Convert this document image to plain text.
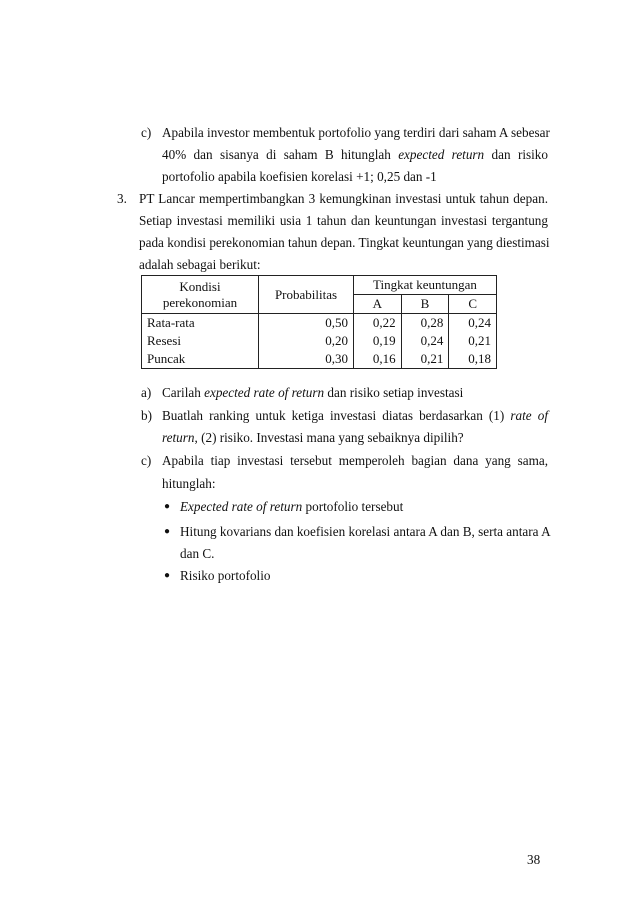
c) Apabila investor membentuk portofolio yang terdiri dari saham A sebesar
40% dan sisanya di saham B hitunglah expected return dan risiko
portofolio apabila koefisien korelasi +1; 0,25 dan -1
3. PT Lancar mempertimbangkan 3 kemungkinan investasi untuk tahun depan.
Setiap investasi memiliki usia 1 tahun dan keuntungan investasi tergantung
pada kondisi perekonomian tahun depan. Tingkat keuntungan yang diestimasi
adalah sebagai berikut:
Kondisi
perekonomian	Probabilitas	Tingkat keuntungan		
		A	B	C
Rata-rata	0,50	0,22	0,28	0,24
Resesi	0,20	0,19	0,24	0,21
Puncak	0,30	0,16	0,21	0,18
a) Carilah expected rate of return dan risiko setiap investasi
b) Buatlah ranking untuk ketiga investasi diatas berdasarkan (1) rate of
return, (2) risiko. Investasi mana yang sebaiknya dipilih?
c) Apabila tiap investasi tersebut memperoleh bagian dana yang sama,
hitunglah:
● Expected rate of return portofolio tersebut
● Hitung kovarians dan koefisien korelasi antara A dan B, serta antara A
dan C.
● Risiko portofolio
38
